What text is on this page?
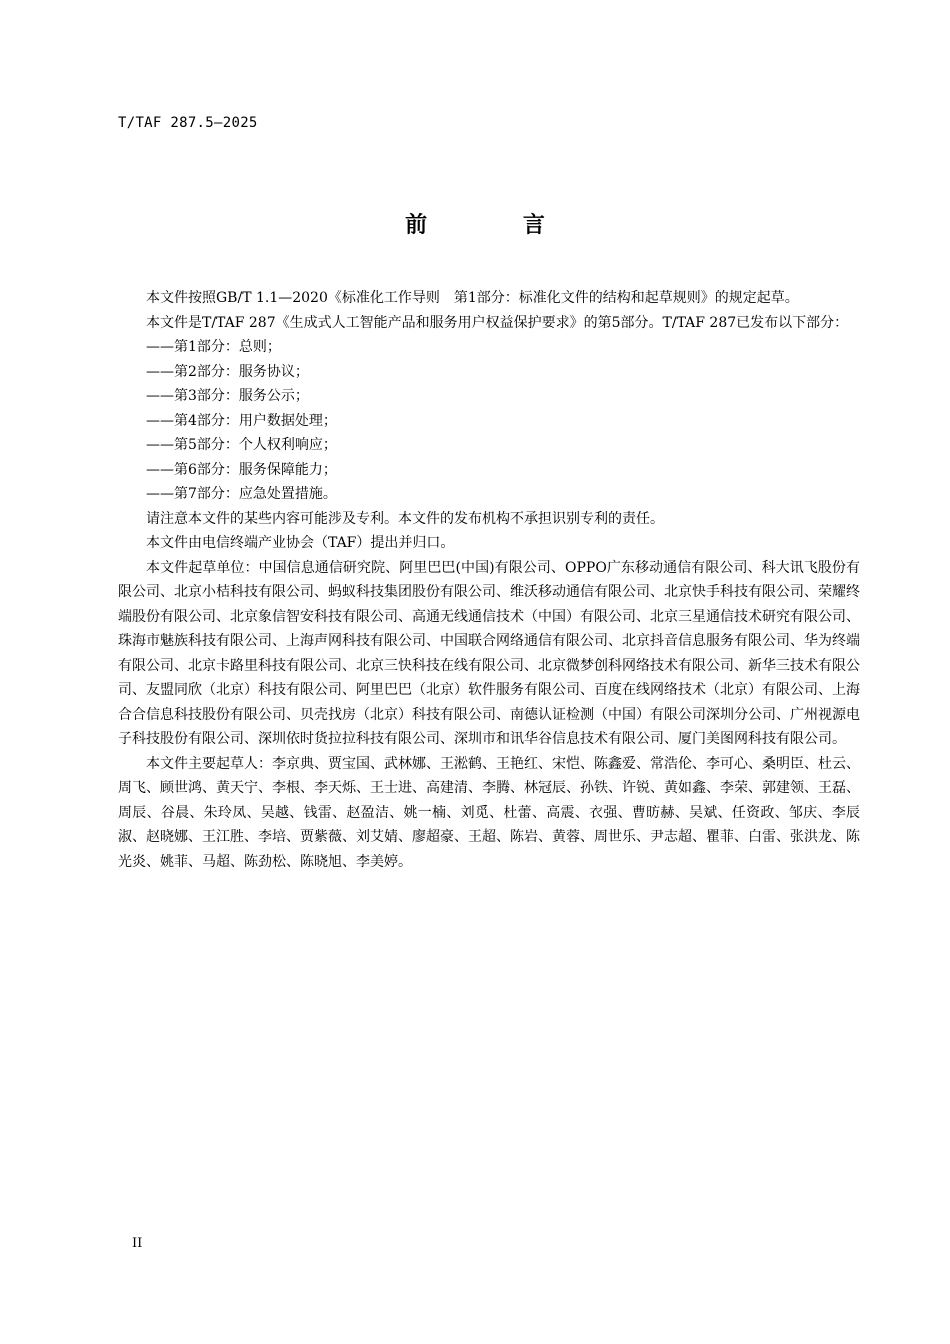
T/TAF 287.5—2025
前 言

本文件按照GB/T 1.1—2020《标准化工作导则　第1部分：标准化文件的结构和起草规则》的规定起草。

本文件是T/TAF 287《生成式人工智能产品和服务用户权益保护要求》的第5部分。T/TAF 287已发布以下部分：

——第1部分：总则；

——第2部分：服务协议；

——第3部分：服务公示；

——第4部分：用户数据处理；

——第5部分：个人权利响应；

——第6部分：服务保障能力；

——第7部分：应急处置措施。

请注意本文件的某些内容可能涉及专利。本文件的发布机构不承担识别专利的责任。

本文件由电信终端产业协会（TAF）提出并归口。

本文件起草单位：中国信息通信研究院、阿里巴巴(中国)有限公司、OPPO广东移动通信有限公司、科大讯飞股份有限公司、北京小桔科技有限公司、蚂蚁科技集团股份有限公司、维沃移动通信有限公司、北京快手科技有限公司、荣耀终端股份有限公司、北京象信智安科技有限公司、高通无线通信技术（中国）有限公司、北京三星通信技术研究有限公司、珠海市魅族科技有限公司、上海声网科技有限公司、中国联合网络通信有限公司、北京抖音信息服务有限公司、华为终端有限公司、北京卡路里科技有限公司、北京三快科技在线有限公司、北京微梦创科网络技术有限公司、新华三技术有限公司、友盟同欣（北京）科技有限公司、阿里巴巴（北京）软件服务有限公司、百度在线网络技术（北京）有限公司、上海合合信息科技股份有限公司、贝壳找房（北京）科技有限公司、南德认证检测（中国）有限公司深圳分公司、广州视源电子科技股份有限公司、深圳依时货拉拉科技有限公司、深圳市和讯华谷信息技术有限公司、厦门美图网科技有限公司。

本文件主要起草人：李京典、贾宝国、武林娜、王淞鹤、王艳红、宋恺、陈鑫爱、常浩伦、李可心、桑明臣、杜云、周飞、顾世鸿、黄天宁、李根、李天烁、王士进、高建清、李腾、林冠辰、孙铁、许锐、黄如鑫、李荣、郭建领、王磊、周辰、谷晨、朱玲凤、吴越、钱雷、赵盈洁、姚一楠、刘觅、杜蕾、高震、衣强、曹昉赫、吴斌、任资政、邹庆、李辰淑、赵晓娜、王江胜、李培、贾紫薇、刘艾婧、廖超豪、王超、陈岩、黄蓉、周世乐、尹志超、瞿菲、白雷、张洪龙、陈光炎、姚菲、马超、陈劲松、陈晓旭、李美婷。

II
